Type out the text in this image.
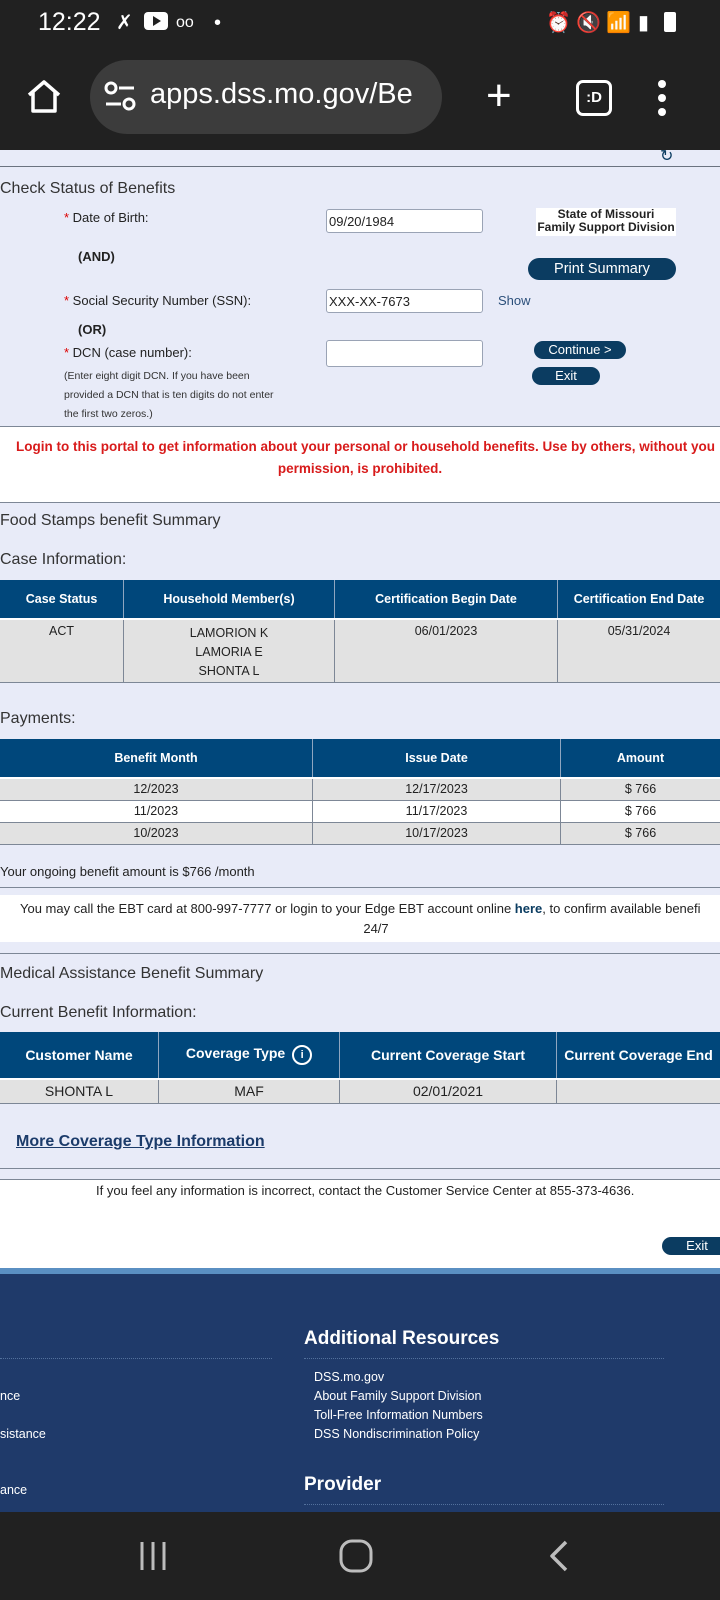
12:22 ✗	oo •	⏰ 🔇 📶 ▮
apps.dss.mo.gov/Be	+	:D
↻
Check Status of Benefits
* Date of Birth:	09/20/1984	State of Missouri
Family Support Division
(AND)
Print Summary
* Social Security Number (SSN):	XXX-XX-7673	Show
(OR)
* DCN (case number):	Continue >
Exit
(Enter eight digit DCN. If you have been
provided a DCN that is ten digits do not enter
the first two zeros.)
Login to this portal to get information about your personal or household benefits. Use by others, without you
permission, is prohibited.
Food Stamps benefit Summary
Case Information:
Case Status	Household Member(s)	Certification Begin Date	Certification End Date
ACT	LAMORION K
LAMORIA E
SHONTA L	06/01/2023	05/31/2024
Payments:
Benefit Month	Issue Date	Amount
12/2023	12/17/2023	$ 766
11/2023	11/17/2023	$ 766
10/2023	10/17/2023	$ 766
Your ongoing benefit amount is $766 /month
You may call the EBT card at 800-997-7777 or login to your Edge EBT account online here, to confirm available benefi
24/7
Medical Assistance Benefit Summary
Current Benefit Information:
Customer Name	Coverage Type i	Current Coverage Start	Current Coverage End
SHONTA L	MAF	02/01/2021	
More Coverage Type Information
If you feel any information is incorrect, contact the Customer Service Center at 855-373-4636.
Exit
Additional Resources
DSS.mo.gov
About Family Support Division
Toll-Free Information Numbers
DSS Nondiscrimination Policy
nce
sistance
ance	Provider
